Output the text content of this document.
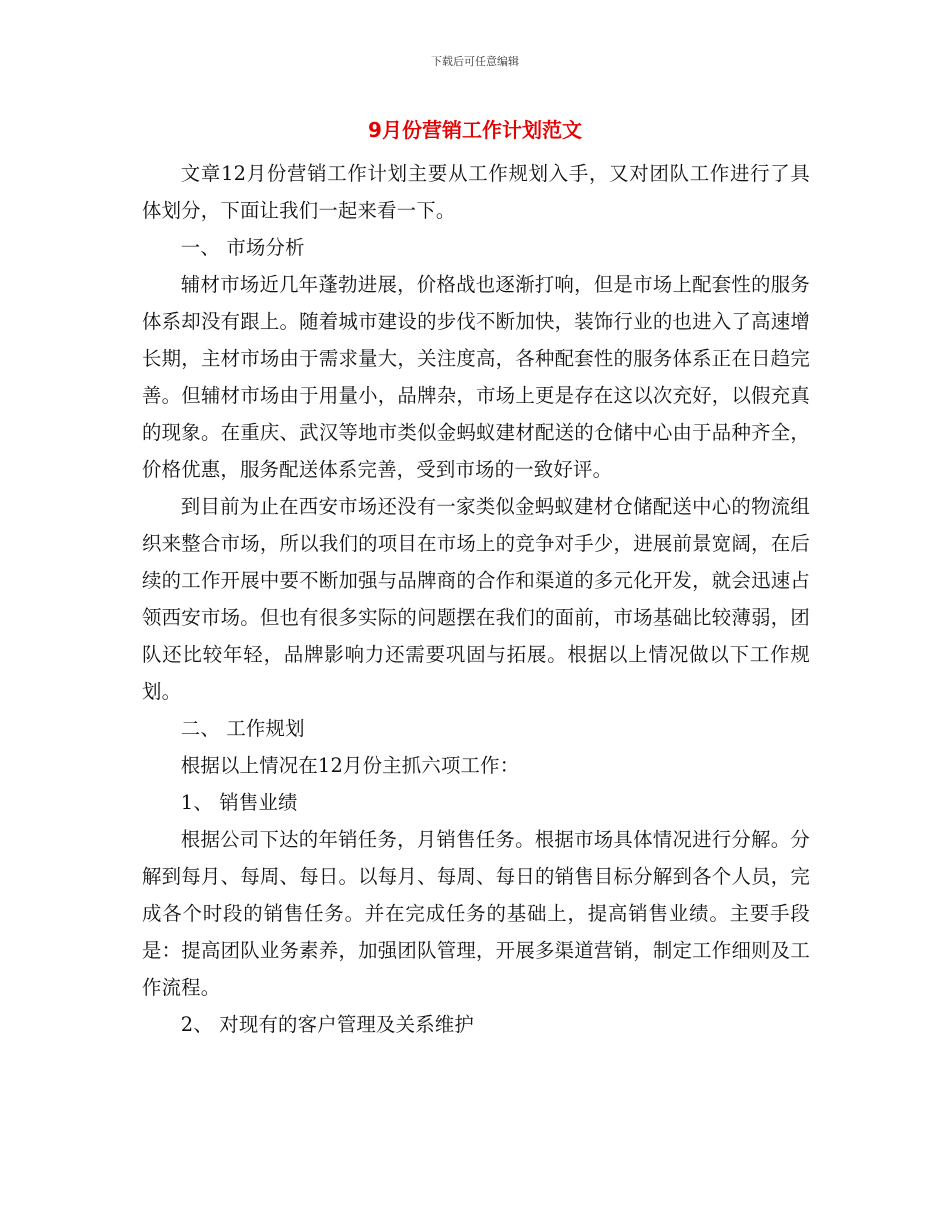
下载后可任意编辑
9月份营销工作计划范文

文章12月份营销工作计划主要从工作规划入手，又对团队工作进行了具体划分，下面让我们一起来看一下。

一、 市场分析

辅材市场近几年蓬勃进展，价格战也逐渐打响，但是市场上配套性的服务体系却没有跟上。随着城市建设的步伐不断加快，装饰行业的也进入了高速增长期，主材市场由于需求量大，关注度高，各种配套性的服务体系正在日趋完善。但辅材市场由于用量小，品牌杂，市场上更是存在这以次充好，以假充真的现象。在重庆、武汉等地市类似金蚂蚁建材配送的仓储中心由于品种齐全，价格优惠，服务配送体系完善，受到市场的一致好评。

到目前为止在西安市场还没有一家类似金蚂蚁建材仓储配送中心的物流组织来整合市场，所以我们的项目在市场上的竞争对手少，进展前景宽阔，在后续的工作开展中要不断加强与品牌商的合作和渠道的多元化开发，就会迅速占领西安市场。但也有很多实际的问题摆在我们的面前，市场基础比较薄弱，团队还比较年轻，品牌影响力还需要巩固与拓展。根据以上情况做以下工作规划。

二、 工作规划

根据以上情况在12月份主抓六项工作：

1、 销售业绩

根据公司下达的年销任务，月销售任务。根据市场具体情况进行分解。分解到每月、每周、每日。以每月、每周、每日的销售目标分解到各个人员，完成各个时段的销售任务。并在完成任务的基础上，提高销售业绩。主要手段是：提高团队业务素养，加强团队管理，开展多渠道营销，制定工作细则及工作流程。

2、 对现有的客户管理及关系维护
